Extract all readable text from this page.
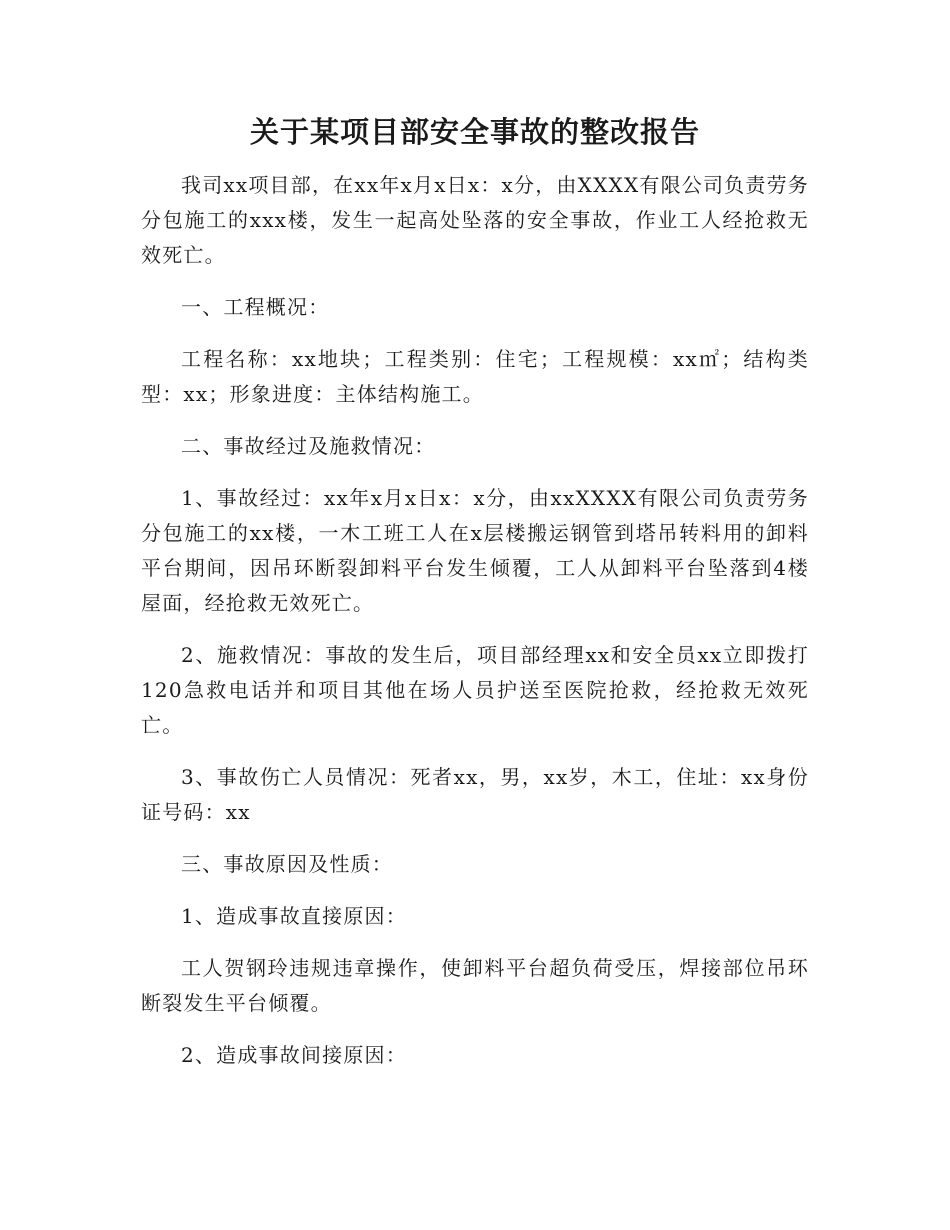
关于某项目部安全事故的整改报告

我司xx项目部，在xx年x月x日x：x分，由XXXX有限公司负责劳务分包施工的xxx楼，发生一起高处坠落的安全事故，作业工人经抢救无效死亡。

一、工程概况：

工程名称：xx地块；工程类别：住宅；工程规模：xx㎡；结构类型：xx；形象进度：主体结构施工。

二、事故经过及施救情况：

1、事故经过：xx年x月x日x：x分，由xxXXXX有限公司负责劳务分包施工的xx楼，一木工班工人在x层楼搬运钢管到塔吊转料用的卸料平台期间，因吊环断裂卸料平台发生倾覆，工人从卸料平台坠落到4楼屋面，经抢救无效死亡。

2、施救情况：事故的发生后，项目部经理xx和安全员xx立即拨打120急救电话并和项目其他在场人员护送至医院抢救，经抢救无效死亡。

3、事故伤亡人员情况：死者xx，男，xx岁，木工，住址：xx身份证号码：xx

三、事故原因及性质：

1、造成事故直接原因：

工人贺钢玲违规违章操作，使卸料平台超负荷受压，焊接部位吊环断裂发生平台倾覆。

2、造成事故间接原因：
